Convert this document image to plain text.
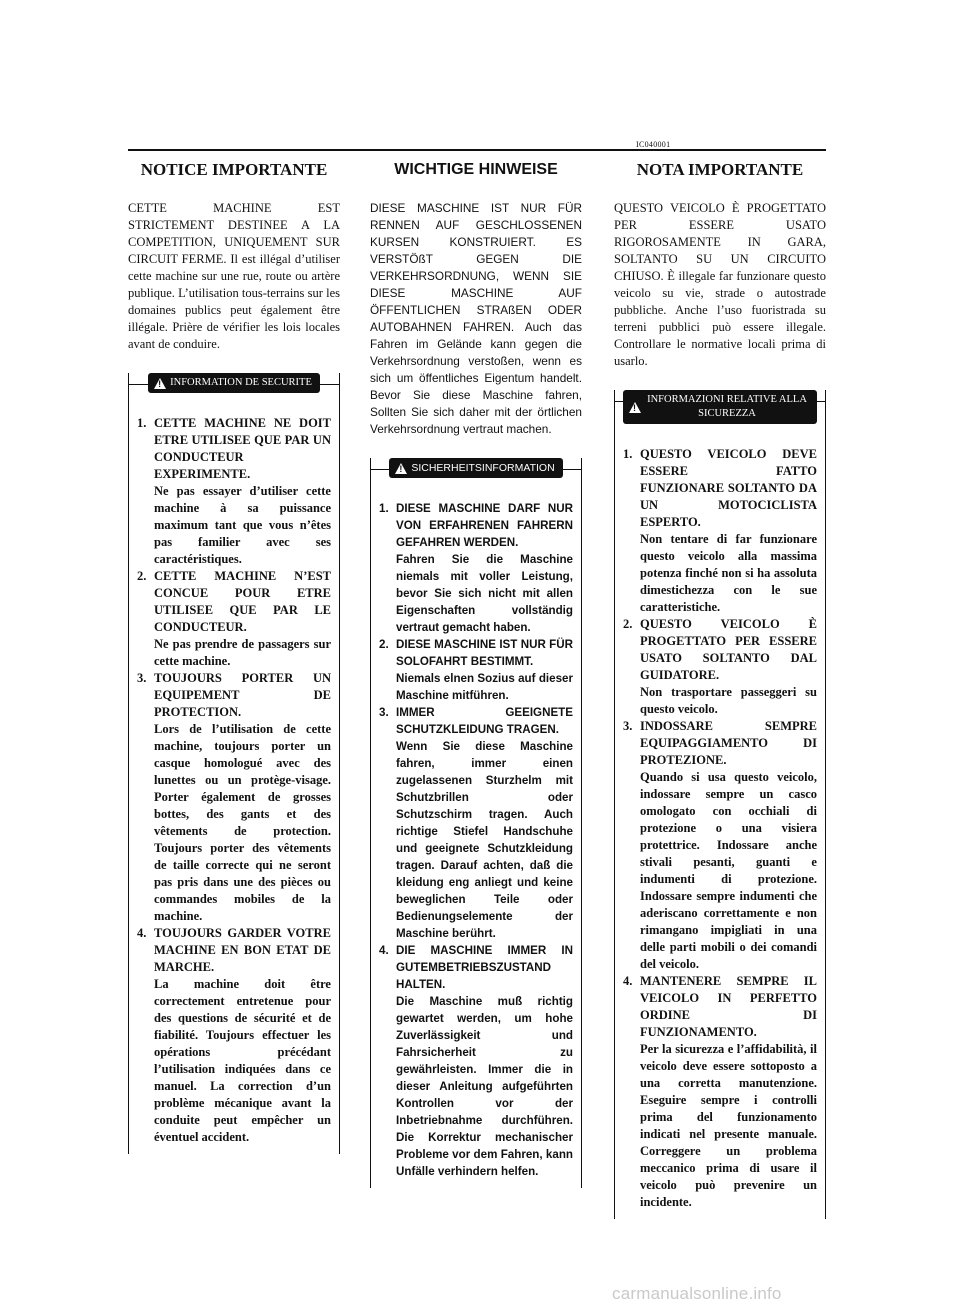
IC040001
NOTICE IMPORTANTE

CETTE MACHINE EST STRICTEMENT DESTINEE A LA COMPETITION, UNIQUEMENT SUR CIRCUIT FERME. Il est illégal d’utiliser cette machine sur une rue, route ou artère publique. L’utilisation tous-terrains sur les domaines publics peut également être illégale. Prière de vérifier les lois locales avant de conduire.

!
INFORMATION DE SECURITE
1. CETTE MACHINE NE DOIT ETRE UTILISEE QUE PAR UN CONDUCTEUR EXPERIMENTE.

Ne pas essayer d’utiliser cette machine à sa puissance maximum tant que vous n’êtes pas familier avec ses caractéristiques.

2. CETTE MACHINE N’EST CONCUE POUR ETRE UTILISEE QUE PAR LE CONDUCTEUR.

Ne pas prendre de passagers sur cette machine.

3. TOUJOURS PORTER UN EQUIPEMENT DE PROTECTION.

Lors de l’utilisation de cette machine, toujours porter un casque homologué avec des lunettes ou un protège-visage. Porter également de grosses bottes, des gants et des vêtements de protection. Toujours porter des vêtements de taille correcte qui ne seront pas pris dans une des pièces ou commandes mobiles de la machine.

4. TOUJOURS GARDER VOTRE MACHINE EN BON ETAT DE MARCHE.

La machine doit être correctement entretenue pour des questions de sécurité et de fiabilité. Toujours effectuer les opérations précédant l’utilisation indiquées dans ce manuel. La correction d’un problème mécanique avant la conduite peut empêcher un éventuel accident.

WICHTIGE HINWEISE

DIESE MASCHINE IST NUR FÜR RENNEN AUF GESCHLOSSENEN KURSEN KONSTRUIERT. ES VERSTÖßT GEGEN DIE VERKEHRSORDNUNG, WENN SIE DIESE MASCHINE AUF ÖFFENTLICHEN STRAßEN ODER AUTOBAHNEN FAHREN. Auch das Fahren im Gelände kann gegen die Verkehrsordnung verstoßen, wenn es sich um öffentliches Eigentum handelt. Bevor Sie diese Maschine fahren, Sollten Sie sich daher mit der örtlichen Verkehrsordnung vertraut machen.

!
SICHERHEITSINFORMATION
1. DIESE MASCHINE DARF NUR VON ERFAHRENEN FAHRERN GEFAHREN WERDEN.

Fahren Sie die Maschine niemals mit voller Leistung, bevor Sie sich nicht mit allen Eigenschaften vollständig vertraut gemacht haben.

2. DIESE MASCHINE IST NUR FÜR SOLOFAHRT BESTIMMT.

Niemals elnen Sozius auf dieser Maschine mitführen.

3. IMMER GEEIGNETE SCHUTZKLEIDUNG TRAGEN.

Wenn Sie diese Maschine fahren, immer einen zugelassenen Sturzhelm mit Schutzbrillen oder Schutzschirm tragen. Auch richtige Stiefel Handschuhe und geeignete Schutzkleidung tragen. Darauf achten, daß die kleidung eng anliegt und keine beweglichen Teile oder Bedienungselemente der Maschine berührt.

4. DIE MASCHINE IMMER IN GUTEMBETRIEBSZUSTAND HALTEN.

Die Maschine muß richtig gewartet werden, um hohe Zuverlässigkeit und Fahrsicherheit zu gewährleisten. Immer die in dieser Anleitung aufgeführten Kontrollen vor der Inbetriebnahme durchführen. Die Korrektur mechanischer Probleme vor dem Fahren, kann Unfälle verhindern helfen.

NOTA IMPORTANTE

QUESTO VEICOLO È PROGETTATO PER ESSERE USATO RIGOROSAMENTE IN GARA, SOLTANTO SU UN CIRCUITO CHIUSO. È illegale far funzionare questo veicolo su vie, strade o autostrade pubbliche. Anche l’uso fuoristrada su terreni pubblici può essere illegale. Controllare le normative locali prima di usarlo.

!
INFORMAZIONI RELATIVE ALLA SICUREZZA
1. QUESTO VEICOLO DEVE ESSERE FATTO FUNZIONARE SOLTANTO DA UN MOTOCICLISTA ESPERTO.

Non tentare di far funzionare questo veicolo alla massima potenza finché non si ha assoluta dimestichezza con le sue caratteristiche.

2. QUESTO VEICOLO È PROGETTATO PER ESSERE USATO SOLTANTO DAL GUIDATORE.

Non trasportare passeggeri su questo veicolo.

3. INDOSSARE SEMPRE EQUIPAGGIAMENTO DI PROTEZIONE.

Quando si usa questo veicolo, indossare sempre un casco omologato con occhiali di protezione o una visiera protettrice. Indossare anche stivali pesanti, guanti e indumenti di protezione. Indossare sempre indumenti che aderiscano correttamente e non rimangano impigliati in una delle parti mobili o dei comandi del veicolo.

4. MANTENERE SEMPRE IL VEICOLO IN PERFETTO ORDINE DI FUNZIONAMENTO.

Per la sicurezza e l’affidabilità, il veicolo deve essere sottoposto a una corretta manutenzione. Eseguire sempre i controlli prima del funzionamento indicati nel presente manuale. Correggere un problema meccanico prima di usare il veicolo può prevenire un incidente.

carmanualsonline.info
